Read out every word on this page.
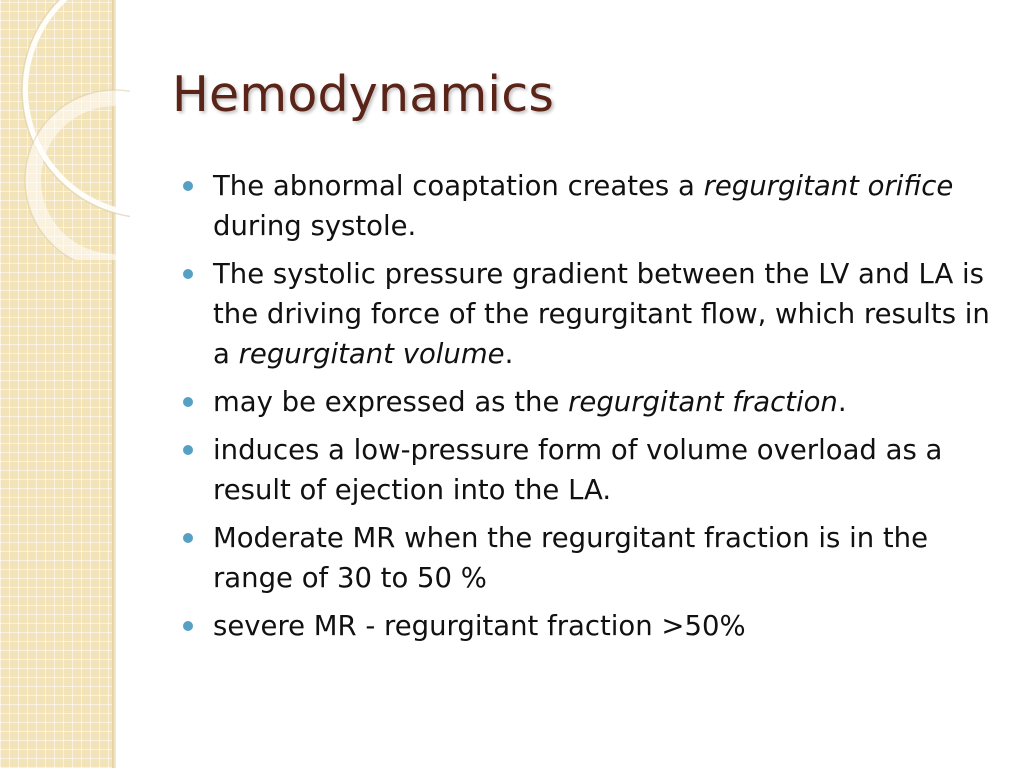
Hemodynamics
The abnormal coaptation creates a regurgitant orifice during systole.
The systolic pressure gradient between the LV and LA is the driving force of the regurgitant flow, which results in a regurgitant volume.
may be expressed as the regurgitant fraction.
induces a low-pressure form of volume overload as a result of ejection into the LA.
Moderate MR when the regurgitant fraction is in the range of 30 to 50 %
severe MR - regurgitant fraction >50%
